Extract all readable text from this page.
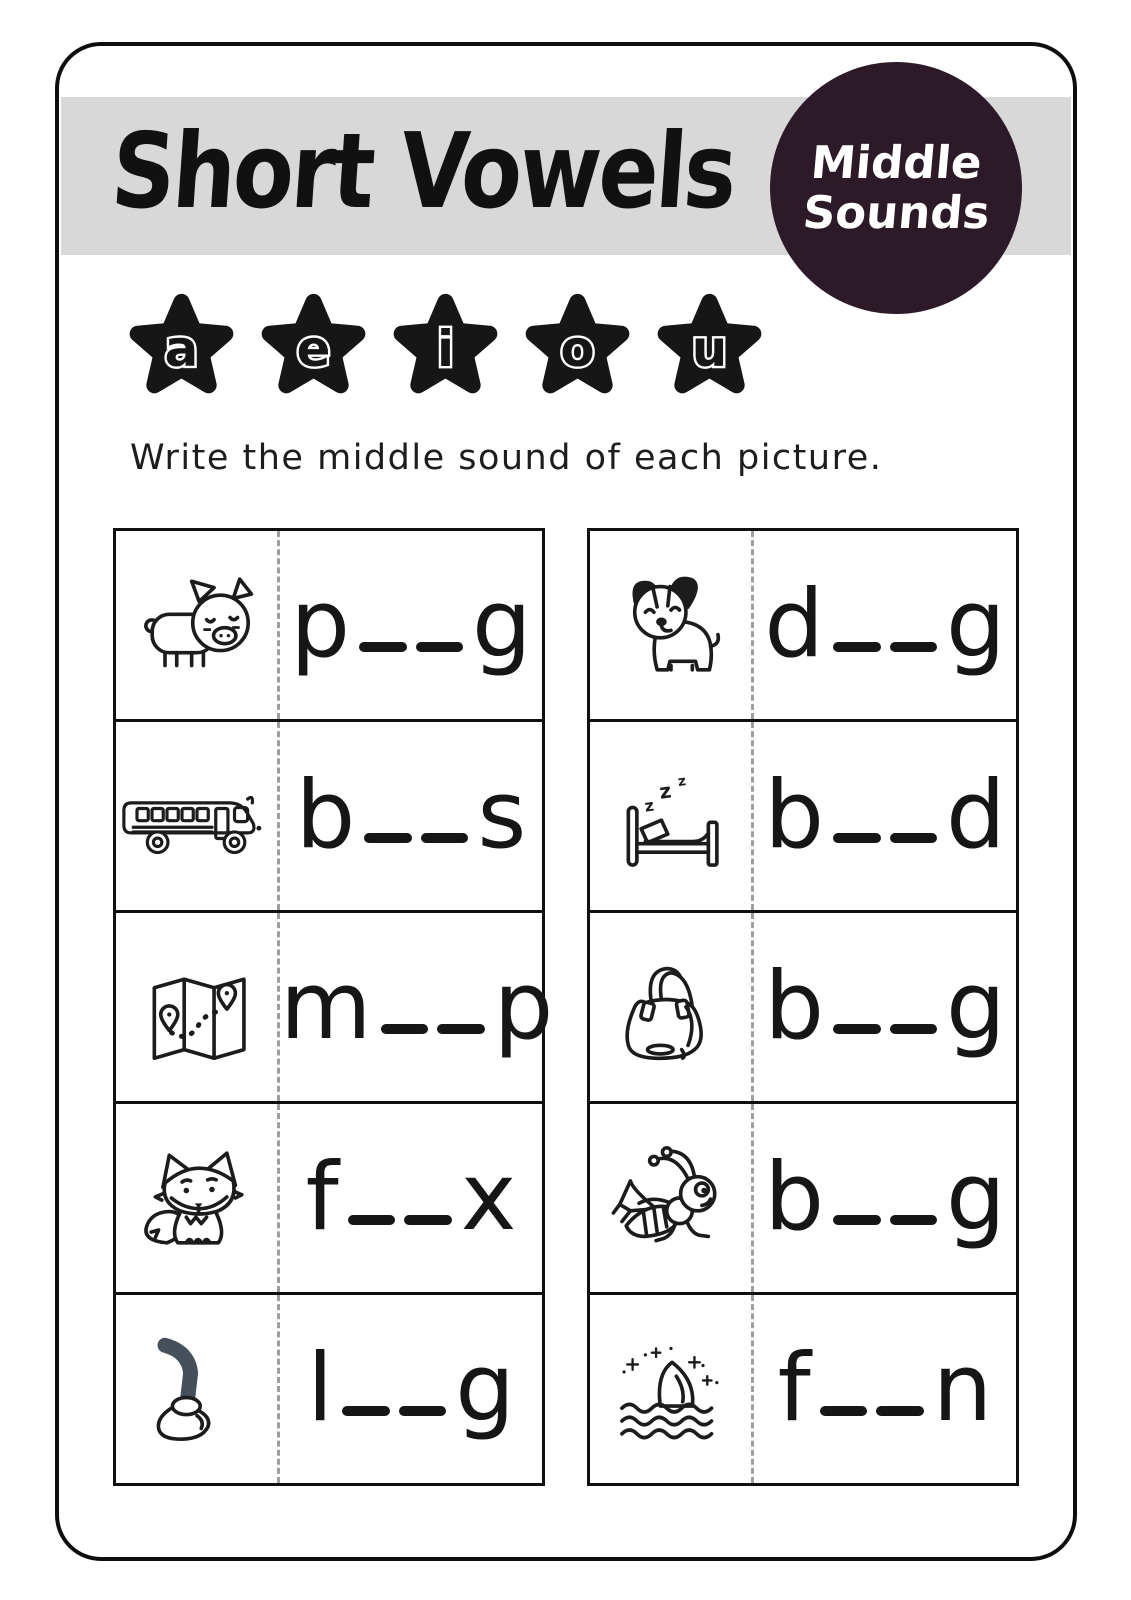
Short Vowels Middle
Sounds
a e i o u

Write the middle sound of each picture.

p g
b s
m p
f x
l g
d g
z
z z b d
b g
b g
f n
